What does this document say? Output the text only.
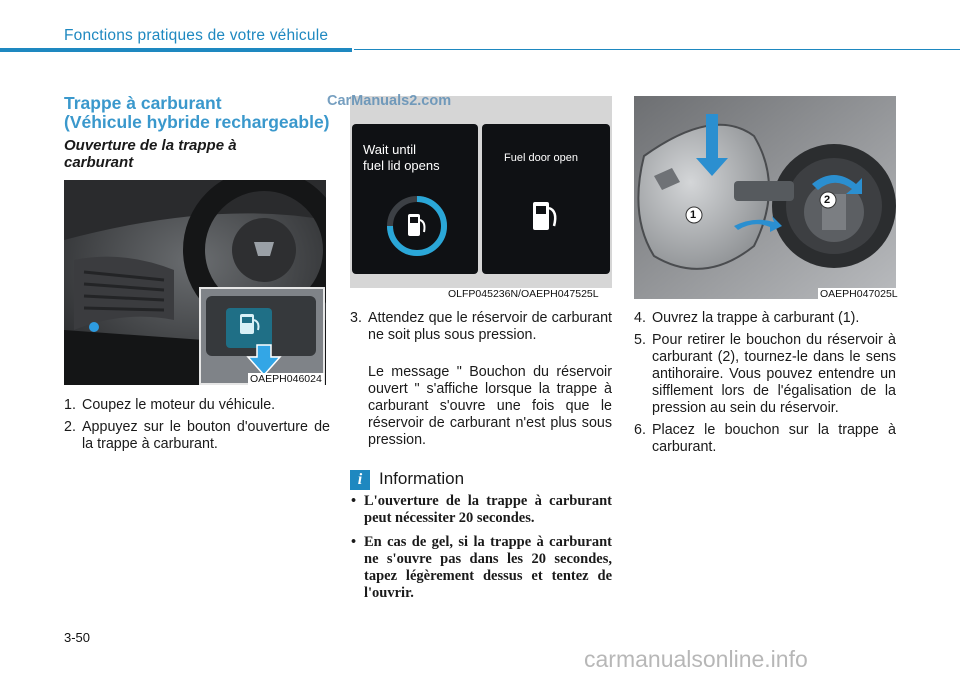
Fonctions pratiques de votre véhicule
Trappe à carburant
(Véhicule hybride rechargeable)
Ouverture de la trappe à
carburant
OAEPH046024
1. Coupez le moteur du véhicule.
2. Appuyez sur le bouton d'ouverture de la trappe à carburant.
Wait until
fuel lid opens	Fuel door open
OLFP045236N/OAEPH047525L
3. Attendez que le réservoir de carburant ne soit plus sous pression.
Le message " Bouchon du réservoir ouvert " s'affiche lorsque la trappe à carburant s'ouvre une fois que le réservoir de carburant n'est plus sous pression.
i Information
• L'ouverture de la trappe à carburant peut nécessiter 20 secondes.
• En cas de gel, si la trappe à carburant ne s'ouvre pas dans les 20 secondes, tapez légèrement dessus et tentez de l'ouvrir.
1
2
OAEPH047025L
4. Ouvrez la trappe à carburant (1).
5. Pour retirer le bouchon du réservoir à carburant (2), tournez-le dans le sens antihoraire. Vous pouvez entendre un sifflement lors de l'égalisation de la pression au sein du réservoir.
6. Placez le bouchon sur la trappe à carburant.
3-50
CarManuals2.com
carmanualsonline.info
